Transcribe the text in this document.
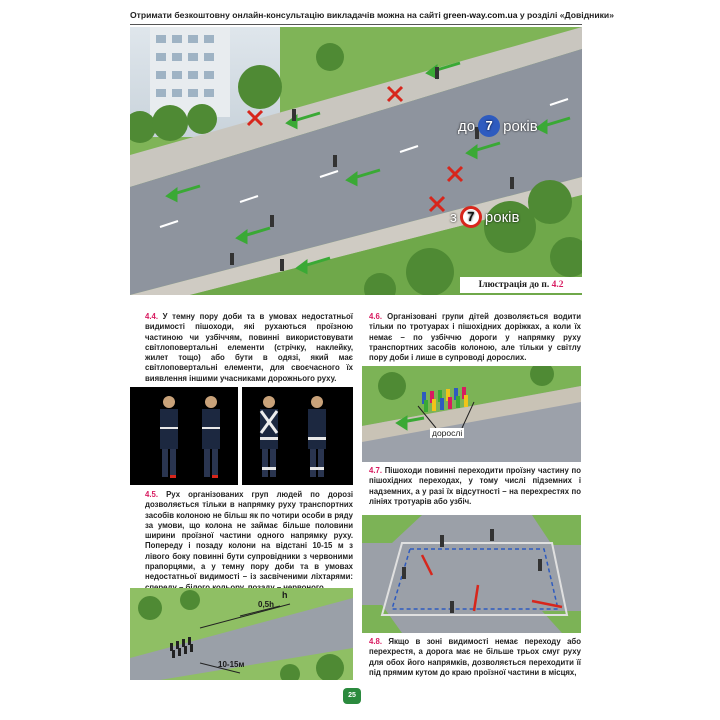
Отримати безкоштовну онлайн-консультацію викладачів можна на сайті green-way.com.ua у розділі «Довідники»
до 7 років
з 7 років
Ілюстрація до п. 4.2
4.4. У темну пору доби та в умовах недостатньої видимості пішоходи, які рухаються проїзною частиною чи узбіччям, повинні використовувати світлоповертальні елементи (стрічку, наклейку, жилет тощо) або бути в одязі, який має світлоповертальні елементи, для своєчасного їх виявлення іншими учасниками дорожнього руху.
4.5. Рух організованих груп людей по дорозі дозволяється тільки в напрямку руху транспортних засобів колоною не більш як по чотири особи в ряду за умови, що колона не займає більше половини ширини проїзної частини одного напрямку руху. Попереду і позаду колони на відстані 10-15 м з лівого боку повинні бути супровідники з червоними прапорцями, а у темну пору доби та в умовах недостатньої видимості – із засвіченими ліхтарями:
0,5h
h
10-15м
4.6. Організовані групи дітей дозволяється водити тільки по тротуарах і пішохідних доріжках, а коли їх немає – по узбіччю дороги у напрямку руху транспортних засобів колоною, але тільки у світлу пору доби і лише в супроводі дорослих.
дорослі
4.7. Пішоходи повинні переходити проїзну частину по пішохідних переходах, у тому числі підземних і надземних, а у разі їх відсутності – на перехрестях по лініях тротуарів або узбіч.
4.8. Якщо в зоні видимості немає переходу або перехрестя, а дорога має не більше трьох смуг руху для обох його напрямків, дозволяється переходити її під прямим кутом до краю проїзної частини в місцях,
25
